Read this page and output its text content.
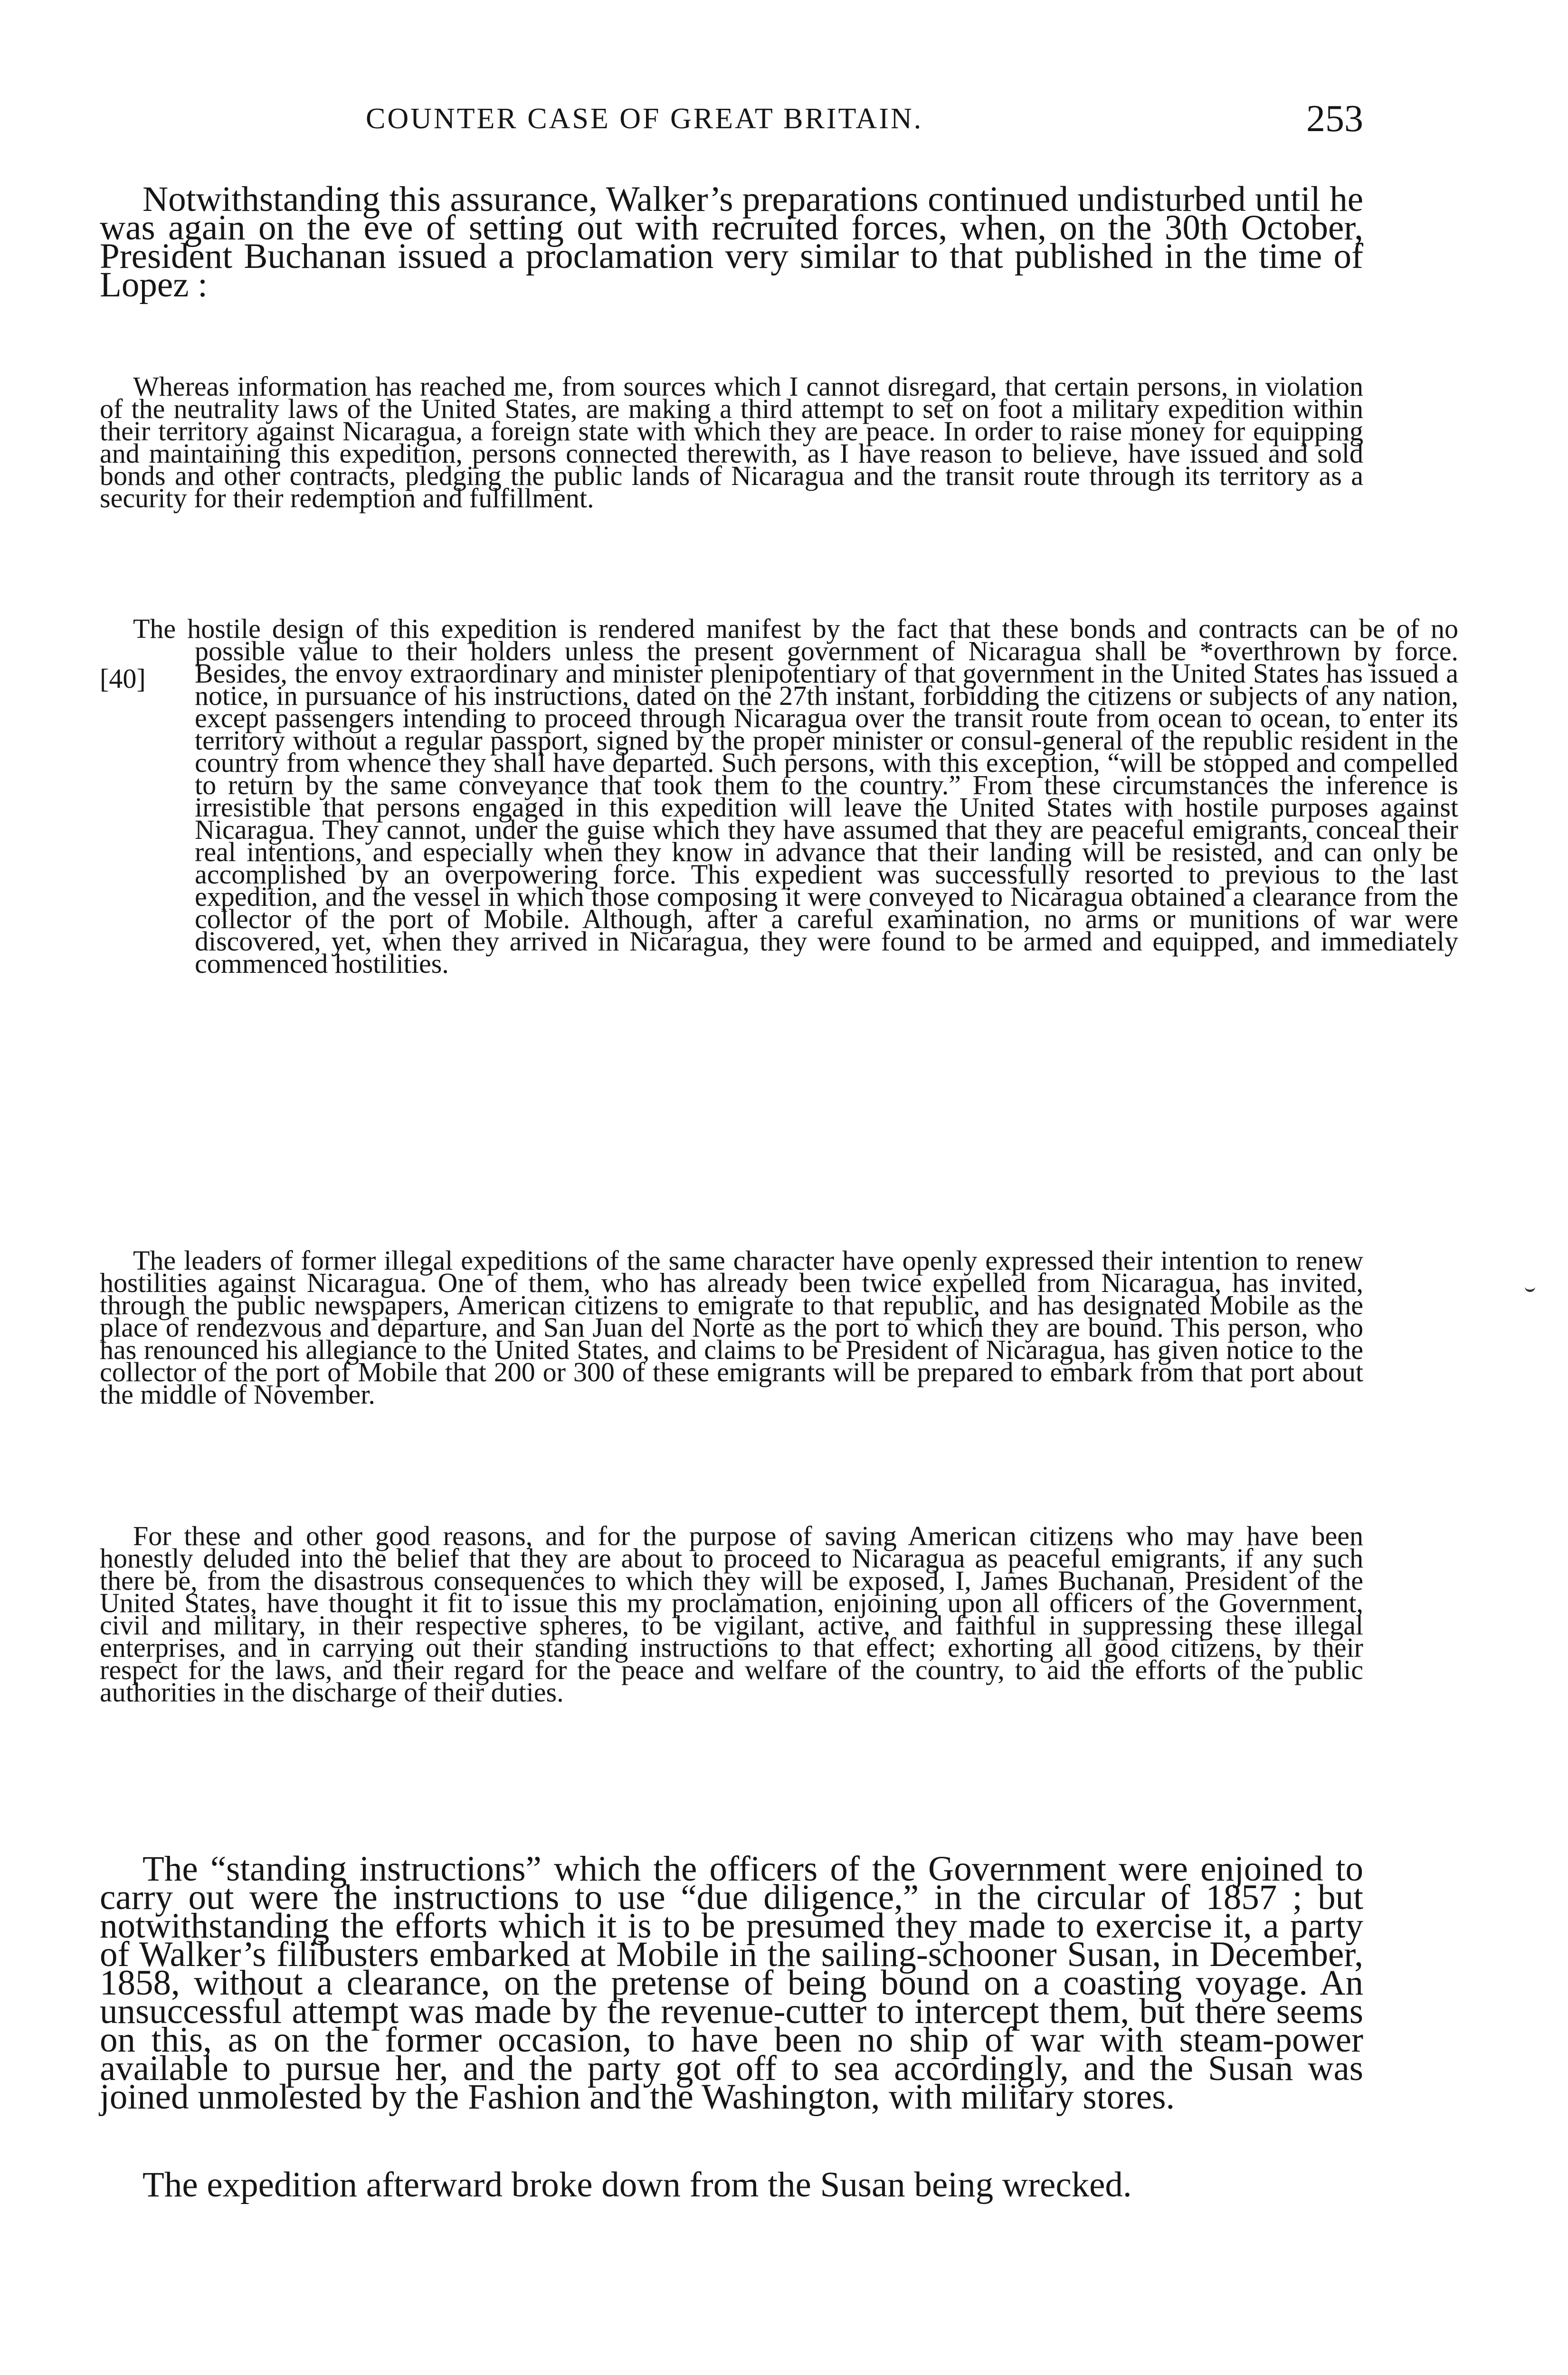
COUNTER CASE OF GREAT BRITAIN.	253

Notwithstanding this assurance, Walker’s preparations continued undisturbed until he was again on the eve of setting out with recruited forces, when, on the 30th October, President Buchanan issued a proclamation very similar to that published in the time of Lopez :

Whereas information has reached me, from sources which I cannot disregard, that certain persons, in violation of the neutrality laws of the United States, are making a third attempt to set on foot a military expedition within their territory against Nicaragua, a foreign state with which they are peace. In order to raise money for equipping and maintaining this expedition, persons connected therewith, as I have reason to believe, have issued and sold bonds and other contracts, pledging the public lands of Nicaragua and the transit route through its territory as a security for their redemption and fulfillment.

[40]

The hostile design of this expedition is rendered manifest by the fact that these bonds and contracts can be of no possible value to their holders unless the present government of Nicaragua shall be *overthrown by force. Besides, the envoy extraordinary and minister plenipotentiary of that government in the United States has issued a notice, in pursuance of his instructions, dated on the 27th instant, forbidding the citizens or subjects of any nation, except passengers intending to proceed through Nicaragua over the transit route from ocean to ocean, to enter its territory without a regular passport, signed by the proper minister or consul-general of the republic resident in the country from whence they shall have departed. Such persons, with this exception, “will be stopped and compelled to return by the same conveyance that took them to the country.” From these circumstances the inference is irresistible that persons engaged in this expedition will leave the United States with hostile purposes against Nicaragua. They cannot, under the guise which they have assumed that they are peaceful emigrants, conceal their real intentions, and especially when they know in advance that their landing will be resisted, and can only be accomplished by an overpowering force. This expedient was successfully resorted to previous to the last expedition, and the vessel in which those composing it were conveyed to Nicaragua obtained a clearance from the collector of the port of Mobile. Although, after a careful examination, no arms or munitions of war were discovered, yet, when they arrived in Nicaragua, they were found to be armed and equipped, and immediately commenced hostilities.

The leaders of former illegal expeditions of the same character have openly expressed their intention to renew hostilities against Nicaragua. One of them, who has already been twice expelled from Nicaragua, has invited, through the public newspapers, American citizens to emigrate to that republic, and has designated Mobile as the place of rendezvous and departure, and San Juan del Norte as the port to which they are bound. This person, who has renounced his allegiance to the United States, and claims to be President of Nicaragua, has given notice to the collector of the port of Mobile that 200 or 300 of these emigrants will be prepared to embark from that port about the middle of November.

For these and other good reasons, and for the purpose of saving American citizens who may have been honestly deluded into the belief that they are about to proceed to Nicaragua as peaceful emigrants, if any such there be, from the disastrous consequences to which they will be exposed, I, James Buchanan, President of the United States, have thought it fit to issue this my proclamation, enjoining upon all officers of the Government, civil and military, in their respective spheres, to be vigilant, active, and faithful in suppressing these illegal enterprises, and in carrying out their standing instructions to that effect; exhorting all good citizens, by their respect for the laws, and their regard for the peace and welfare of the country, to aid the efforts of the public authorities in the discharge of their duties.

The “standing instructions” which the officers of the Government were enjoined to carry out were the instructions to use “due diligence,” in the circular of 1857 ; but notwithstanding the efforts which it is to be presumed they made to exercise it, a party of Walker’s filibusters embarked at Mobile in the sailing-schooner Susan, in December, 1858, without a clearance, on the pretense of being bound on a coasting voyage. An unsuccessful attempt was made by the revenue-cutter to intercept them, but there seems on this, as on the former occasion, to have been no ship of war with steam-power available to pursue her, and the party got off to sea accordingly, and the Susan was joined unmolested by the Fashion and the Washington, with military stores.

The expedition afterward broke down from the Susan being wrecked.
